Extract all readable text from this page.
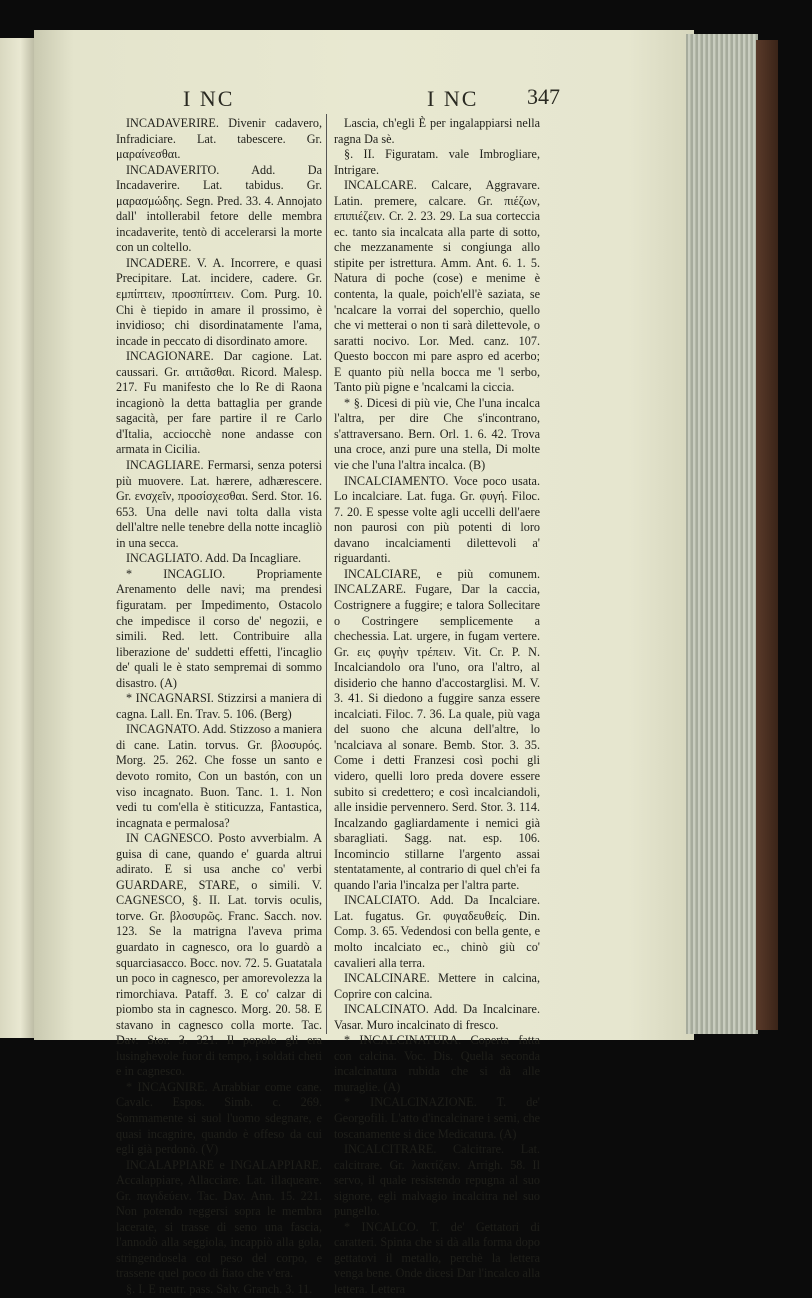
I NC	I NC 347

INCADAVERIRE. Divenir cadavero, Infradiciare. Lat. tabescere. Gr. μαραίνεσθαι.

INCADAVERITO. Add. Da Incadaverire. Lat. tabidus. Gr. μαρασμώδης. Segn. Pred. 33. 4. Annojato dall' intollerabil fetore delle membra incadaverite, tentò di accelerarsi la morte con un coltello.

INCADERE. V. A. Incorrere, e quasi Precipitare. Lat. incidere, cadere. Gr. εμπίπτειν, προσπίπτειν. Com. Purg. 10. Chi è tiepido in amare il prossimo, è invidioso; chi disordinatamente l'ama, incade in peccato di disordinato amore.

INCAGIONARE. Dar cagione. Lat. caussari. Gr. αιτιᾶσθαι. Ricord. Malesp. 217. Fu manifesto che lo Re di Raona incagionò la detta battaglia per grande sagacità, per fare partire il re Carlo d'Italia, acciocchè none andasse con armata in Cicilia.

INCAGLIARE. Fermarsi, senza potersi più muovere. Lat. hærere, adhærescere. Gr. ενσχεῖν, προσίσχεσθαι. Serd. Stor. 16. 653. Una delle navi tolta dalla vista dell'altre nelle tenebre della notte incagliò in una secca.

INCAGLIATO. Add. Da Incagliare.

* INCAGLIO. Propriamente Arenamento delle navi; ma prendesi figuratam. per Impedimento, Ostacolo che impedisce il corso de' negozii, e simili. Red. lett. Contribuire alla liberazione de' suddetti effetti, l'incaglio de' quali le è stato sempremai di sommo disastro. (A)

* INCAGNARSI. Stizzirsi a maniera di cagna. Lall. En. Trav. 5. 106. (Berg)

INCAGNATO. Add. Stizzoso a maniera di cane. Latin. torvus. Gr. βλοσυρός. Morg. 25. 262. Che fosse un santo e devoto romito, Con un bastón, con un viso incagnato. Buon. Tanc. 1. 1. Non vedi tu com'ella è stiticuzza, Fantastica, incagnata e permalosa?

IN CAGNESCO. Posto avverbialm. A guisa di cane, quando e' guarda altrui adirato. E si usa anche co' verbi GUARDARE, STARE, o simili. V. CAGNESCO, §. II. Lat. torvis oculis, torve. Gr. βλοσυρῶς. Franc. Sacch. nov. 123. Se la matrigna l'aveva prima guardato in cagnesco, ora lo guardò a squarciasacco. Bocc. nov. 72. 5. Guatatala un poco in cagnesco, per amorevolezza la rimorchiava. Pataff. 3. E co' calzar di piombo sta in cagnesco. Morg. 20. 58. E stavano in cagnesco colla morte. Tac. Dav. Stor. 3. 321. Il popolo gli era lusinghevole fuor di tempo, i soldati cheti e in cagnesco.

* INCAGNIRE. Arrabbiar come cane. Cavalc. Espos. Simb. c. 269. Sommamente si suol l'uomo sdegnare, e quasi incagnire, quando è offeso da cui egli già perdonò. (V)

INCALAPPIARE e INGALAPPIARE. Accalappiare, Allacciare. Lat. illaqueare. Gr. παγιδεύειν. Tac. Dav. Ann. 15. 221. Non potendo reggersi sopra le membra lacerate, si trasse di seno una fascia, l'annodò alla seggiola, incappiò alla gola, stringendosela col peso del corpo, e trassene quel poco di fiato che v'era.

§. I. E neutr. pass. Salv. Granch. 3. 11.

Lascia, ch'egli È per ingalappiarsi nella ragna Da sè.

§. II. Figuratam. vale Imbrogliare, Intrigare.

INCALCARE. Calcare, Aggravare. Latin. premere, calcare. Gr. πιέζων, επιπιέζειν. Cr. 2. 23. 29. La sua corteccia ec. tanto sia incalcata alla parte di sotto, che mezzanamente si congiunga allo stipite per istrettura. Amm. Ant. 6. 1. 5. Natura di poche (cose) e menime è contenta, la quale, poich'ell'è saziata, se 'ncalcare la vorrai del soperchio, quello che vi metterai o non ti sarà dilettevole, o saratti nocivo. Lor. Med. canz. 107. Questo boccon mi pare aspro ed acerbo; E quanto più nella bocca me 'l serbo, Tanto più pigne e 'ncalcami la ciccia.

* §. Dicesi di più vie, Che l'una incalca l'altra, per dire Che s'incontrano, s'attraversano. Bern. Orl. 1. 6. 42. Trova una croce, anzi pure una stella, Di molte vie che l'una l'altra incalca. (B)

INCALCIAMENTO. Voce poco usata. Lo incalciare. Lat. fuga. Gr. φυγή. Filoc. 7. 20. E spesse volte agli uccelli dell'aere non paurosi con più potenti di loro davano incalciamenti dilettevoli a' riguardanti.

INCALCIARE, e più comunem. INCALZARE. Fugare, Dar la caccia, Costrignere a fuggire; e talora Sollecitare o Costringere semplicemente a chechessia. Lat. urgere, in fugam vertere. Gr. εις φυγὴν τρέπειν. Vit. Cr. P. N. Incalciandolo ora l'uno, ora l'altro, al disiderio che hanno d'accostarglisi. M. V. 3. 41. Si diedono a fuggire sanza essere incalciati. Filoc. 7. 36. La quale, più vaga del suono che alcuna dell'altre, lo 'ncalciava al sonare. Bemb. Stor. 3. 35. Come i detti Franzesi così pochi gli videro, quelli loro preda dovere essere subito si credettero; e così incalciandoli, alle insidie pervennero. Serd. Stor. 3. 114. Incalzando gagliardamente i nemici già sbaragliati. Sagg. nat. esp. 106. Incomincio stillarne l'argento assai stentatamente, al contrario di quel ch'ei fa quando l'aria l'incalza per l'altra parte.

INCALCIATO. Add. Da Incalciare. Lat. fugatus. Gr. φυγαδευθείς. Din. Comp. 3. 65. Vedendosi con bella gente, e molto incalciato ec., chinò giù co' cavalieri alla terra.

INCALCINARE. Mettere in calcina, Coprire con calcina.

INCALCINATO. Add. Da Incalcinare. Vasar. Muro incalcinato di fresco.

* INCALCINATURA. Coperta fatta con calcina. Voc. Dis. Quella seconda incalcinatura rubida che si dà alle muraglie. (A)

* INCALCINAZIONE. T. de' Georgofili. L'atto d'incalcinare i semi, che toscanamente si dice Medicatura. (A)

INCALCITRARE. Calcitrare. Lat. calcitrare. Gr. λακτίζειν. Arrigh. 58. Il servo, il quale resistendo repugna al suo signore, egli malvagio incalcitra nel suo pungello.

* INCALCO. T. de' Gettatori di caratteri. Spinta che si dà alla forma dopo gettatovi il metallo, perchè la lettera venga bene. Onde dicesi Dar l'incalco alla lettera. Lettera
